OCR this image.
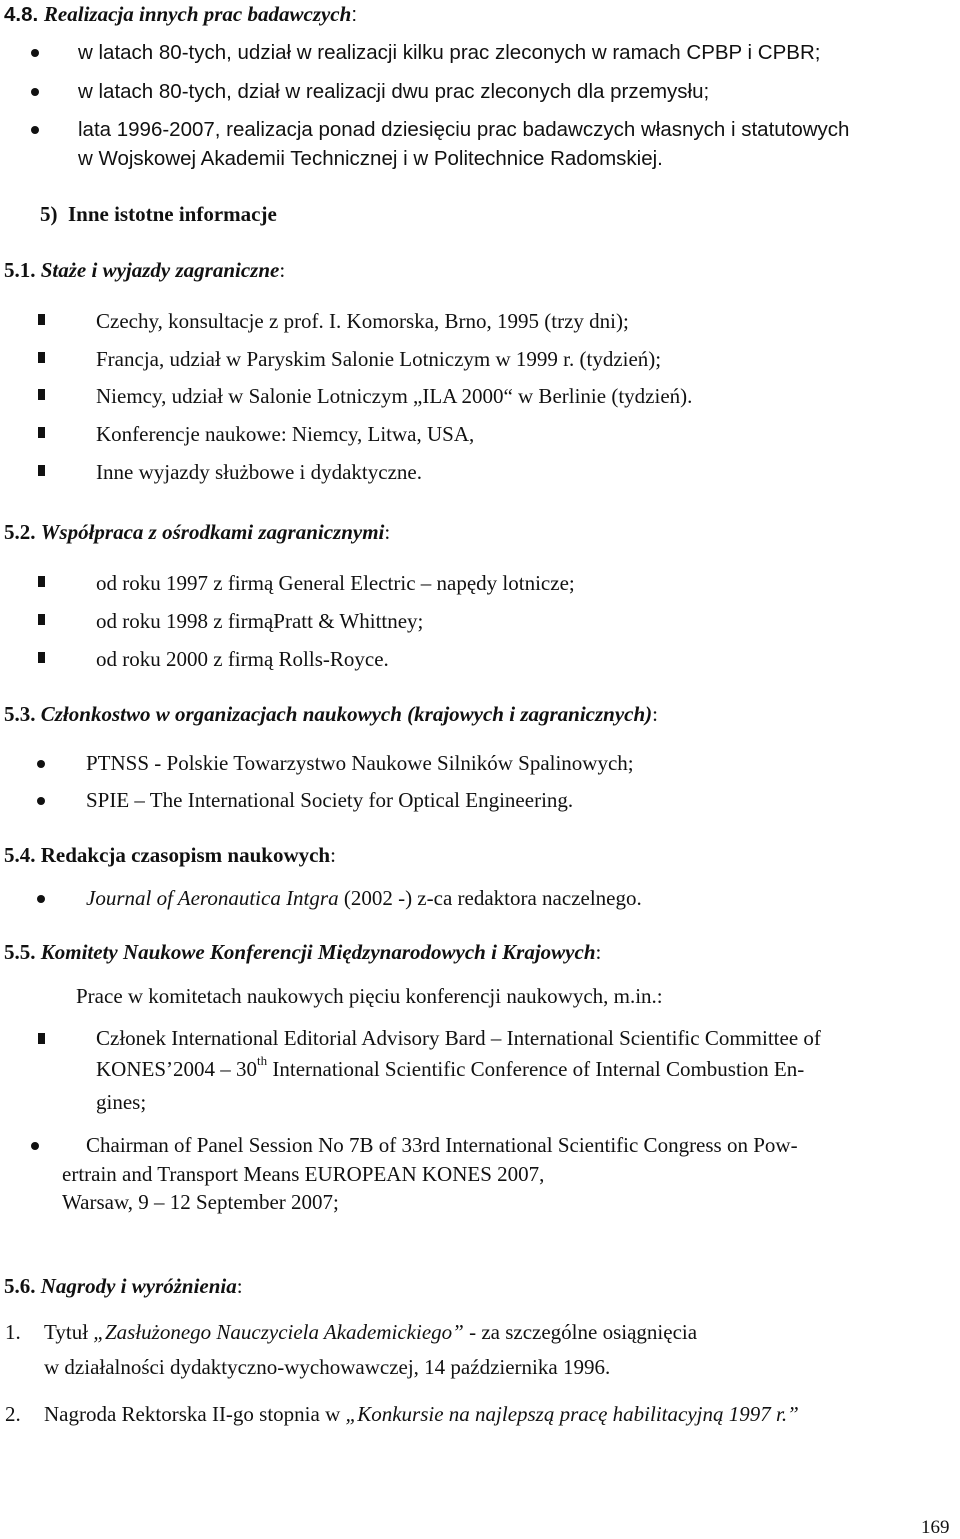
4.8. Realizacja innych prac badawczych:
w latach 80-tych, udział w realizacji kilku prac zleconych w ramach CPBP i CPBR;
w latach 80-tych, dział w realizacji dwu prac zleconych dla przemysłu;
lata 1996-2007, realizacja ponad dziesięciu prac badawczych własnych i statutowych
w Wojskowej Akademii Technicznej i w Politechnice Radomskiej.
5)  Inne istotne informacje
5.1. Staże i wyjazdy zagraniczne:
Czechy, konsultacje z prof. I. Komorska, Brno, 1995 (trzy dni);
Francja, udział w Paryskim Salonie Lotniczym w 1999 r. (tydzień);
Niemcy, udział w Salonie Lotniczym „ILA 2000“ w Berlinie (tydzień).
Konferencje naukowe: Niemcy, Litwa, USA,
Inne wyjazdy służbowe i dydaktyczne.
5.2. Współpraca z ośrodkami zagranicznymi:
od roku 1997 z firmą General Electric – napędy lotnicze;
od roku 1998 z firmąPratt & Whittney;
od roku 2000 z firmą Rolls-Royce.
5.3. Członkostwo w organizacjach naukowych (krajowych i zagranicznych):
PTNSS - Polskie Towarzystwo Naukowe Silników Spalinowych;
SPIE – The International Society for Optical Engineering.
5.4. Redakcja czasopism naukowych:
Journal of Aeronautica Intgra (2002 -) z-ca redaktora naczelnego.
5.5. Komitety Naukowe Konferencji Międzynarodowych i Krajowych:
Prace w komitetach naukowych pięciu konferencji naukowych, m.in.:
Członek International Editorial Advisory Bard – International Scientific Committee of
KONES’2004 – 30th International Scientific Conference of Internal Combustion En-
gines;
Chairman of Panel Session No 7B of 33rd International Scientific Congress on Pow-
ertrain and Transport Means EUROPEAN KONES 2007,
Warsaw, 9 – 12 September 2007;
5.6. Nagrody i wyróżnienia:
1. Tytuł „Zasłużonego Nauczyciela Akademickiego” - za szczególne osiągnięcia
w działalności dydaktyczno-wychowawczej, 14 października 1996.
2. Nagroda Rektorska II-go stopnia w „Konkursie na najlepszą pracę habilitacyjną 1997 r.”
169
